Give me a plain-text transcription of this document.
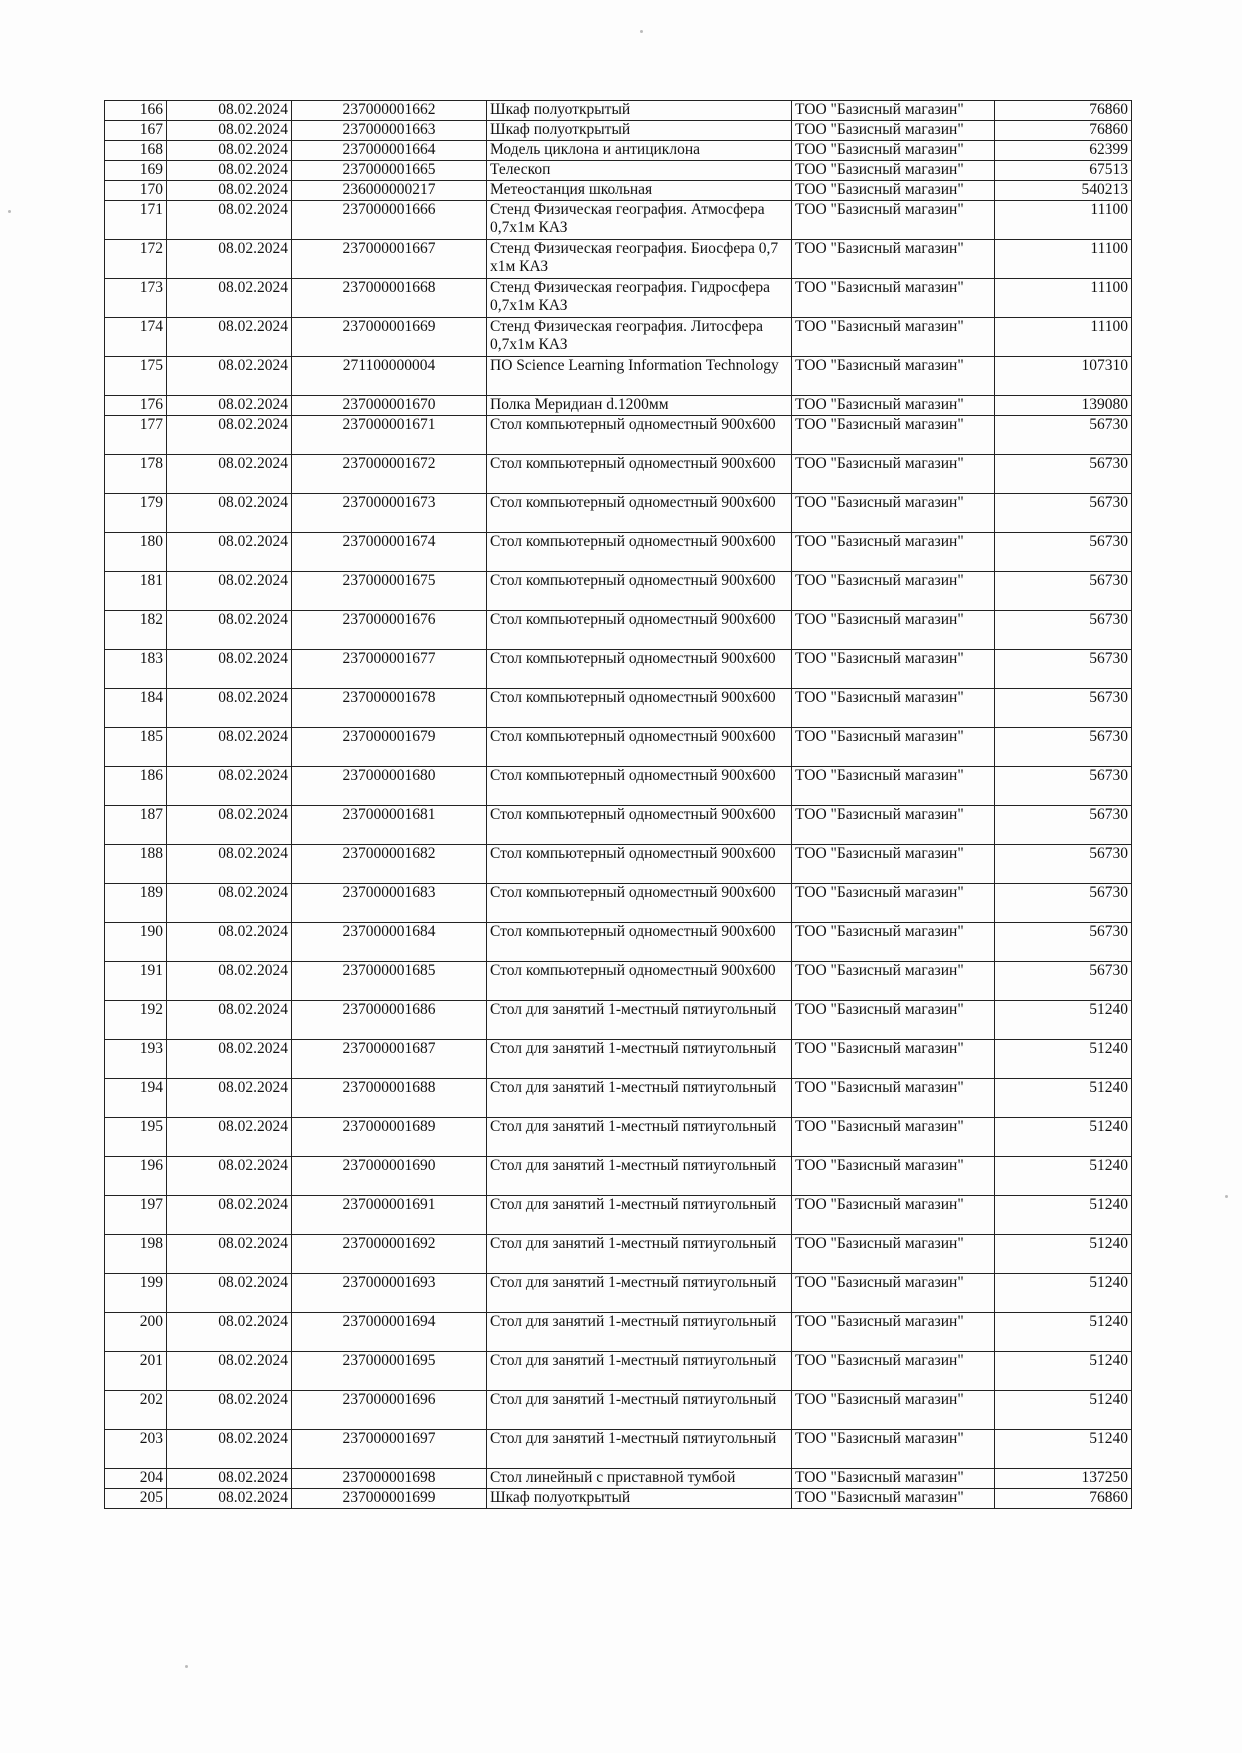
166	08.02.2024	237000001662	Шкаф полуоткрытый	ТОО "Базисный магазин"	76860
167	08.02.2024	237000001663	Шкаф полуоткрытый	ТОО "Базисный магазин"	76860
168	08.02.2024	237000001664	Модель циклона и антициклона	ТОО "Базисный магазин"	62399
169	08.02.2024	237000001665	Телескоп	ТОО "Базисный магазин"	67513
170	08.02.2024	236000000217	Метеостанция школьная	ТОО "Базисный магазин"	540213
171	08.02.2024	237000001666	Стенд Физическая география. Атмосфера 0,7x1м КАЗ	ТОО "Базисный магазин"	11100
172	08.02.2024	237000001667	Стенд Физическая география. Биосфера 0,7 x1м КАЗ	ТОО "Базисный магазин"	11100
173	08.02.2024	237000001668	Стенд Физическая география. Гидросфера 0,7x1м КАЗ	ТОО "Базисный магазин"	11100
174	08.02.2024	237000001669	Стенд Физическая география. Литосфера 0,7x1м КАЗ	ТОО "Базисный магазин"	11100
175	08.02.2024	271100000004	ПО Science Learning Information Technology	ТОО "Базисный магазин"	107310
176	08.02.2024	237000001670	Полка Меридиан d.1200мм	ТОО "Базисный магазин"	139080
177	08.02.2024	237000001671	Стол компьютерный одноместный 900x600	ТОО "Базисный магазин"	56730
178	08.02.2024	237000001672	Стол компьютерный одноместный 900x600	ТОО "Базисный магазин"	56730
179	08.02.2024	237000001673	Стол компьютерный одноместный 900x600	ТОО "Базисный магазин"	56730
180	08.02.2024	237000001674	Стол компьютерный одноместный 900x600	ТОО "Базисный магазин"	56730
181	08.02.2024	237000001675	Стол компьютерный одноместный 900x600	ТОО "Базисный магазин"	56730
182	08.02.2024	237000001676	Стол компьютерный одноместный 900x600	ТОО "Базисный магазин"	56730
183	08.02.2024	237000001677	Стол компьютерный одноместный 900x600	ТОО "Базисный магазин"	56730
184	08.02.2024	237000001678	Стол компьютерный одноместный 900x600	ТОО "Базисный магазин"	56730
185	08.02.2024	237000001679	Стол компьютерный одноместный 900x600	ТОО "Базисный магазин"	56730
186	08.02.2024	237000001680	Стол компьютерный одноместный 900x600	ТОО "Базисный магазин"	56730
187	08.02.2024	237000001681	Стол компьютерный одноместный 900x600	ТОО "Базисный магазин"	56730
188	08.02.2024	237000001682	Стол компьютерный одноместный 900x600	ТОО "Базисный магазин"	56730
189	08.02.2024	237000001683	Стол компьютерный одноместный 900x600	ТОО "Базисный магазин"	56730
190	08.02.2024	237000001684	Стол компьютерный одноместный 900x600	ТОО "Базисный магазин"	56730
191	08.02.2024	237000001685	Стол компьютерный одноместный 900x600	ТОО "Базисный магазин"	56730
192	08.02.2024	237000001686	Стол для занятий 1-местный пятиугольный	ТОО "Базисный магазин"	51240
193	08.02.2024	237000001687	Стол для занятий 1-местный пятиугольный	ТОО "Базисный магазин"	51240
194	08.02.2024	237000001688	Стол для занятий 1-местный пятиугольный	ТОО "Базисный магазин"	51240
195	08.02.2024	237000001689	Стол для занятий 1-местный пятиугольный	ТОО "Базисный магазин"	51240
196	08.02.2024	237000001690	Стол для занятий 1-местный пятиугольный	ТОО "Базисный магазин"	51240
197	08.02.2024	237000001691	Стол для занятий 1-местный пятиугольный	ТОО "Базисный магазин"	51240
198	08.02.2024	237000001692	Стол для занятий 1-местный пятиугольный	ТОО "Базисный магазин"	51240
199	08.02.2024	237000001693	Стол для занятий 1-местный пятиугольный	ТОО "Базисный магазин"	51240
200	08.02.2024	237000001694	Стол для занятий 1-местный пятиугольный	ТОО "Базисный магазин"	51240
201	08.02.2024	237000001695	Стол для занятий 1-местный пятиугольный	ТОО "Базисный магазин"	51240
202	08.02.2024	237000001696	Стол для занятий 1-местный пятиугольный	ТОО "Базисный магазин"	51240
203	08.02.2024	237000001697	Стол для занятий 1-местный пятиугольный	ТОО "Базисный магазин"	51240
204	08.02.2024	237000001698	Стол линейный с приставной тумбой	ТОО "Базисный магазин"	137250
205	08.02.2024	237000001699	Шкаф полуоткрытый	ТОО "Базисный магазин"	76860
